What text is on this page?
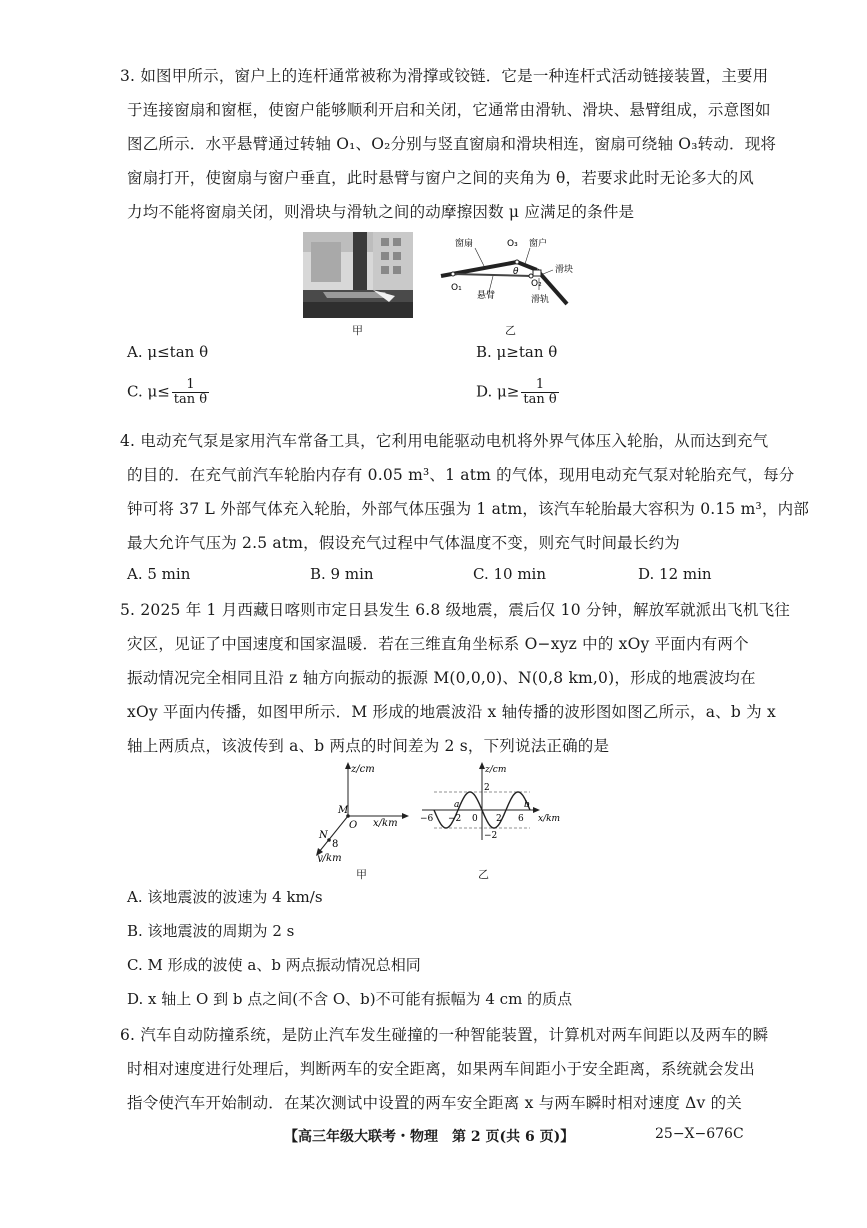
3. 如图甲所示，窗户上的连杆通常被称为滑撑或铰链．它是一种连杆式活动链接装置，主要用
于连接窗扇和窗框，使窗户能够顺利开启和关闭，它通常由滑轨、滑块、悬臂组成，示意图如
图乙所示．水平悬臂通过转轴 O₁、O₂分别与竖直窗扇和滑块相连，窗扇可绕轴 O₃转动．现将
窗扇打开，使窗扇与窗户垂直，此时悬臂与窗户之间的夹角为 θ，若要求此时无论多大的风
力均不能将窗扇关闭，则滑块与滑轨之间的动摩擦因数 μ 应满足的条件是
甲
窗扇	O₃ 窗户
θ	滑块
O₁
悬臂
O₂
滑轨
乙
A. μ≤tan θ	B. μ≥tan θ
C. $\mu\le \frac{1}{\text{tan θ}}$	D. $\mu\ge \frac{1}{\text{tan θ}}$
4. 电动充气泵是家用汽车常备工具，它利用电能驱动电机将外界气体压入轮胎，从而达到充气
的目的．在充气前汽车轮胎内存有 0.05 m³、1 atm 的气体，现用电动充气泵对轮胎充气，每分
钟可将 37 L 外部气体充入轮胎，外部气体压强为 1 atm，该汽车轮胎最大容积为 0.15 m³，内部
最大允许气压为 2.5 atm，假设充气过程中气体温度不变，则充气时间最长约为
A. 5 min	B. 9 min	C. 10 min	D. 12 min
5. 2025 年 1 月西藏日喀则市定日县发生 6.8 级地震，震后仅 10 分钟，解放军就派出飞机飞往
灾区，见证了中国速度和国家温暖．若在三维直角坐标系 O−xyz 中的 xOy 平面内有两个
振动情况完全相同且沿 z 轴方向振动的振源 M(0,0,0)、N(0,8 km,0)，形成的地震波均在
xOy 平面内传播，如图甲所示．M 形成的地震波沿 x 轴传播的波形图如图乙所示，a、b 为 x
轴上两质点，该波传到 a、b 两点的时间差为 2 s，下列说法正确的是
z/cm
M
O x/km
N
8
y/km
甲
z/cm
2
−2
a	b
−6 −2 0 2 6 x/km
乙
A. 该地震波的波速为 4 km/s
B. 该地震波的周期为 2 s
C. M 形成的波使 a、b 两点振动情况总相同
D. x 轴上 O 到 b 点之间(不含 O、b)不可能有振幅为 4 cm 的质点
6. 汽车自动防撞系统，是防止汽车发生碰撞的一种智能装置，计算机对两车间距以及两车的瞬
时相对速度进行处理后，判断两车的安全距离，如果两车间距小于安全距离，系统就会发出
指令使汽车开始制动．在某次测试中设置的两车安全距离 x 与两车瞬时相对速度 Δv 的关
【高三年级大联考・物理　第 2 页(共 6 页)】	25−X−676C
